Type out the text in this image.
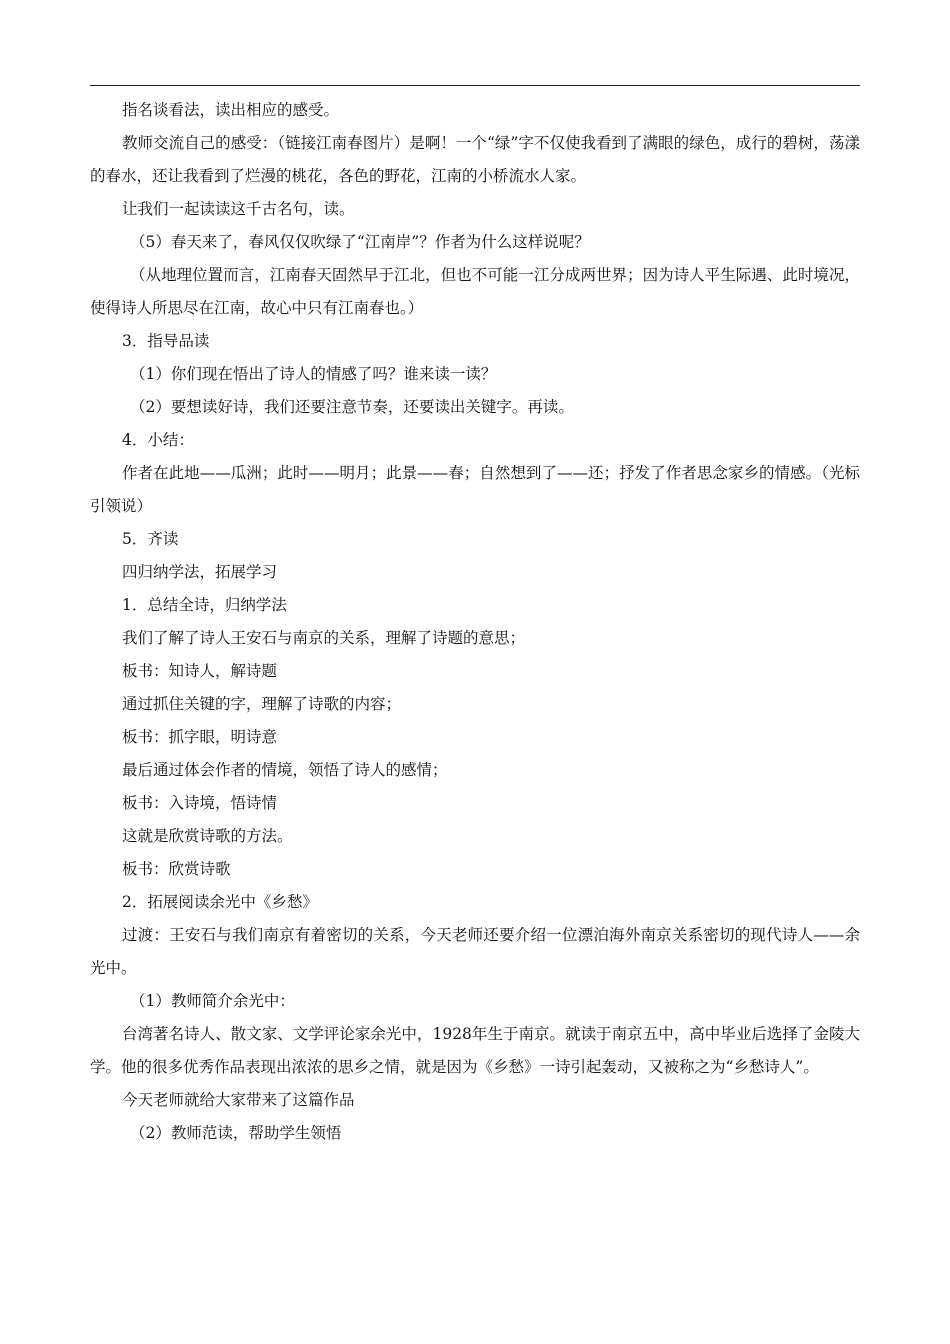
指名谈看法，读出相应的感受。

教师交流自己的感受：（链接江南春图片）是啊！一个“绿”字不仅使我看到了满眼的绿色，成行的碧树，荡漾的春水，还让我看到了烂漫的桃花，各色的野花，江南的小桥流水人家。

让我们一起读读这千古名句，读。

（5）春天来了，春风仅仅吹绿了“江南岸”？作者为什么这样说呢？

（从地理位置而言，江南春天固然早于江北，但也不可能一江分成两世界；因为诗人平生际遇、此时境况，使得诗人所思尽在江南，故心中只有江南春也。）

3．指导品读

（1）你们现在悟出了诗人的情感了吗？谁来读一读？

（2）要想读好诗，我们还要注意节奏，还要读出关键字。再读。

4．小结：

作者在此地——瓜洲；此时——明月；此景——春；自然想到了——还；抒发了作者思念家乡的情感。（光标引领说）

5．齐读

四归纳学法，拓展学习

1．总结全诗，归纳学法

我们了解了诗人王安石与南京的关系，理解了诗题的意思；

板书：知诗人，解诗题

通过抓住关键的字，理解了诗歌的内容；

板书：抓字眼，明诗意

最后通过体会作者的情境，领悟了诗人的感情；

板书：入诗境，悟诗情

这就是欣赏诗歌的方法。

板书：欣赏诗歌

2．拓展阅读余光中《乡愁》

过渡：王安石与我们南京有着密切的关系，今天老师还要介绍一位漂泊海外南京关系密切的现代诗人——余光中。

（1）教师简介余光中：

台湾著名诗人、散文家、文学评论家余光中，1928年生于南京。就读于南京五中，高中毕业后选择了金陵大学。他的很多优秀作品表现出浓浓的思乡之情，就是因为《乡愁》一诗引起轰动，又被称之为“乡愁诗人”。

今天老师就给大家带来了这篇作品

（2）教师范读，帮助学生领悟
